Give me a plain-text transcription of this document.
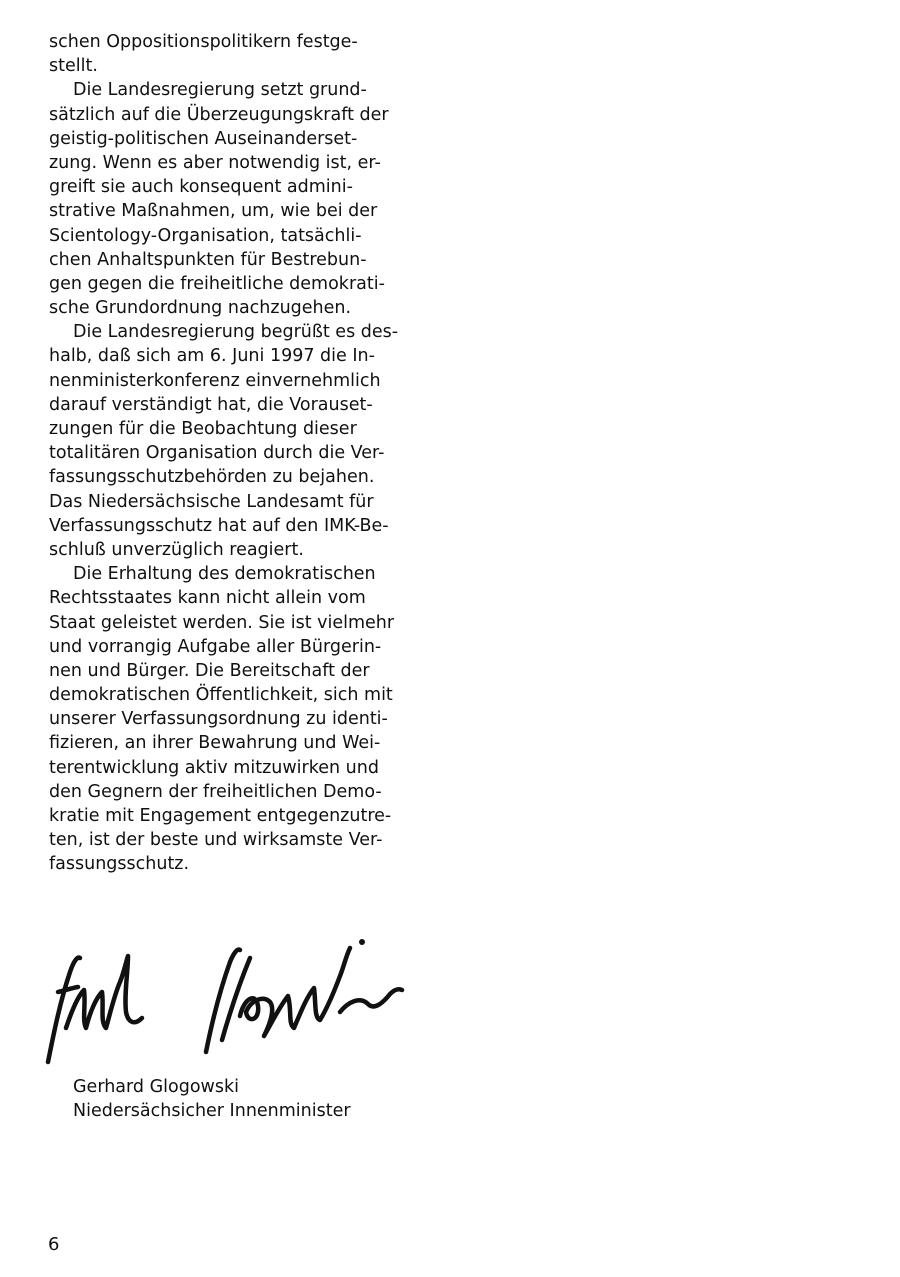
schen Oppositionspolitikern festge-
stellt.
Die Landesregierung setzt grund-
sätzlich auf die Überzeugungskraft der
geistig-politischen Auseinanderset-
zung. Wenn es aber notwendig ist, er-
greift sie auch konsequent admini-
strative Maßnahmen, um, wie bei der
Scientology-Organisation, tatsächli-
chen Anhaltspunkten für Bestrebun-
gen gegen die freiheitliche demokrati-
sche Grundordnung nachzugehen.
Die Landesregierung begrüßt es des-
halb, daß sich am 6. Juni 1997 die In-
nenministerkonferenz einvernehmlich
darauf verständigt hat, die Vorauset-
zungen für die Beobachtung dieser
totalitären Organisation durch die Ver-
fassungsschutzbehörden zu bejahen.
Das Niedersächsische Landesamt für
Verfassungsschutz hat auf den IMK-Be-
schluß unverzüglich reagiert.
Die Erhaltung des demokratischen
Rechtsstaates kann nicht allein vom
Staat geleistet werden. Sie ist vielmehr
und vorrangig Aufgabe aller Bürgerin-
nen und Bürger. Die Bereitschaft der
demokratischen Öffentlichkeit, sich mit
unserer Verfassungsordnung zu identi-
fizieren, an ihrer Bewahrung und Wei-
terentwicklung aktiv mitzuwirken und
den Gegnern der freiheitlichen Demo-
kratie mit Engagement entgegenzutre-
ten, ist der beste und wirksamste Ver-
fassungsschutz.
Gerhard Glogowski
Niedersächsicher Innenminister
6
